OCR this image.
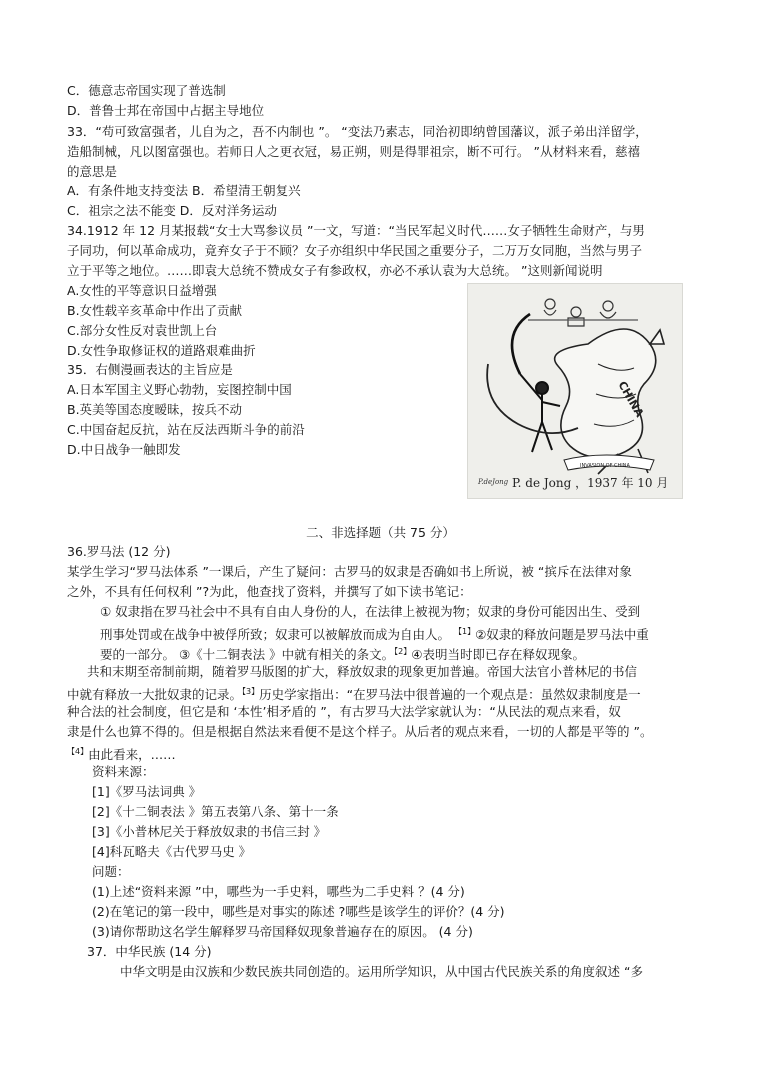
C．德意志帝国实现了普选制
D．普鲁士邦在帝国中占据主导地位
33．“苟可致富强者，儿自为之，吾不内制也 ”。 “变法乃素志，同治初即纳曾国藩议，派子弟出洋留学，
造船制械，凡以图富强也。若师日人之更衣冠，易正朔，则是得罪祖宗，断不可行。 ”从材料来看，慈禧
的意思是
A．有条件地支持变法 B．希望清王朝复兴
C．祖宗之法不能变 D．反对洋务运动
34.1912 年 12 月某报载“女士大骂参议员 ”一文，写道：“当民军起义时代……女子牺牲生命财产，与男
子同功，何以革命成功，竟弃女子于不顾？女子亦组织中华民国之重要分子，二万万女同胞，当然与男子
立于平等之地位。……即袁大总统不赞成女子有参政权，亦必不承认袁为大总统。 ”这则新闻说明
A.女性的平等意识日益增强
B.女性载辛亥革命中作出了贡献
C.部分女性反对袁世凯上台
D.女性争取修证权的道路艰难曲折
35．右侧漫画表达的主旨应是
A.日本军国主义野心勃勃，妄图控制中国
B.英美等国态度暧昧，按兵不动
C.中国奋起反抗，站在反法西斯斗争的前沿
D.中日战争一触即发
INVASION OF CHINA
CHINA
P.deJong P. de Jong ，1937 年 10 月
二、非选择题（共 75 分）
36.罗马法 (12 分)
某学生学习“罗马法体系 ”一课后，产生了疑问：古罗马的奴隶是否确如书上所说，被 “摈斥在法律对象
之外，不具有任何权利 ”?为此，他查找了资料，并撰写了如下读书笔记：
① 奴隶指在罗马社会中不具有自由人身份的人，在法律上被视为物；奴隶的身份可能因出生、受到
刑事处罚或在战争中被俘所致；奴隶可以被解放而成为自由人。 $^{【1】}$②奴隶的释放问题是罗马法中重
要的一部分。 ③《十二铜表法 》中就有相关的条文。$^{【2】}$④表明当时即已存在释奴现象。
共和末期至帝制前期，随着罗马版图的扩大，释放奴隶的现象更加普遍。帝国大法官小普林尼的书信
中就有释放一大批奴隶的记录。$^{【3】}$历史学家指出：“在罗马法中很普遍的一个观点是：虽然奴隶制度是一
种合法的社会制度，但它是和 ‘本性’相矛盾的 ”，有古罗马大法学家就认为：“从民法的观点来看，奴
隶是什么也算不得的。但是根据自然法来看便不是这个样子。从后者的观点来看，一切的人都是平等的 ”。
$^{【4】}$由此看来，……
资料来源：
[1]《罗马法词典 》
[2]《十二铜表法 》第五表第八条、第十一条
[3]《小普林尼关于释放奴隶的书信三封 》
[4]科瓦略夫《古代罗马史 》
问题：
(1)上述“资料来源 ”中，哪些为一手史料，哪些为二手史料 ？(4 分)
(2)在笔记的第一段中，哪些是对事实的陈述 ?哪些是该学生的评价？(4 分)
(3)请你帮助这名学生解释罗马帝国释奴现象普遍存在的原因。 (4 分)
37．中华民族 (14 分)
中华文明是由汉族和少数民族共同创造的。运用所学知识，从中国古代民族关系的角度叙述 “多
